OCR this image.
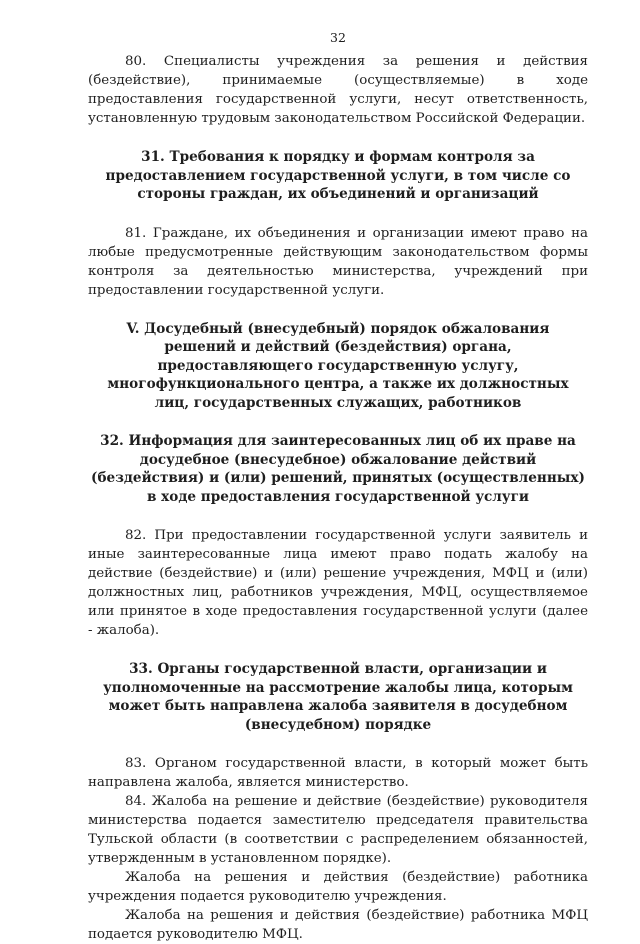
32

80. Специалисты учреждения за решения и действия (бездействие), принимаемые (осуществляемые) в ходе предоставления государственной услуги, несут ответственность, установленную трудовым законодательством Российской Федерации.

31. Требования к порядку и формам контроля за предоставлением государственной услуги, в том числе со стороны граждан, их объединений и организаций

81. Граждане, их объединения и организации имеют право на любые предусмотренные действующим законодательством формы контроля за деятельностью министерства, учреждений при предоставлении государственной услуги.

V. Досудебный (внесудебный) порядок обжалования решений и действий (бездействия) органа, предоставляющего государственную услугу, многофункционального центра, а также их должностных лиц, государственных служащих, работников
32. Информация для заинтересованных лиц об их праве на досудебное (внесудебное) обжалование действий (бездействия) и (или) решений, принятых (осуществленных) в ходе предоставления государственной услуги

82. При предоставлении государственной услуги заявитель и иные заинтересованные лица имеют право подать жалобу на действие (бездействие) и (или) решение учреждения, МФЦ и (или) должностных лиц, работников учреждения, МФЦ, осуществляемое или принятое в ходе предоставления государственной услуги (далее - жалоба).

33. Органы государственной власти, организации и уполномоченные на рассмотрение жалобы лица, которым может быть направлена жалоба заявителя в досудебном (внесудебном) порядке

83. Органом государственной власти, в который может быть направлена жалоба, является министерство.

84. Жалоба на решение и действие (бездействие) руководителя министерства подается заместителю председателя правительства Тульской области (в соответствии с распределением обязанностей, утвержденным в установленном порядке).

Жалоба на решения и действия (бездействие) работника учреждения подается руководителю учреждения.

Жалоба на решения и действия (бездействие) работника МФЦ подается руководителю МФЦ.
